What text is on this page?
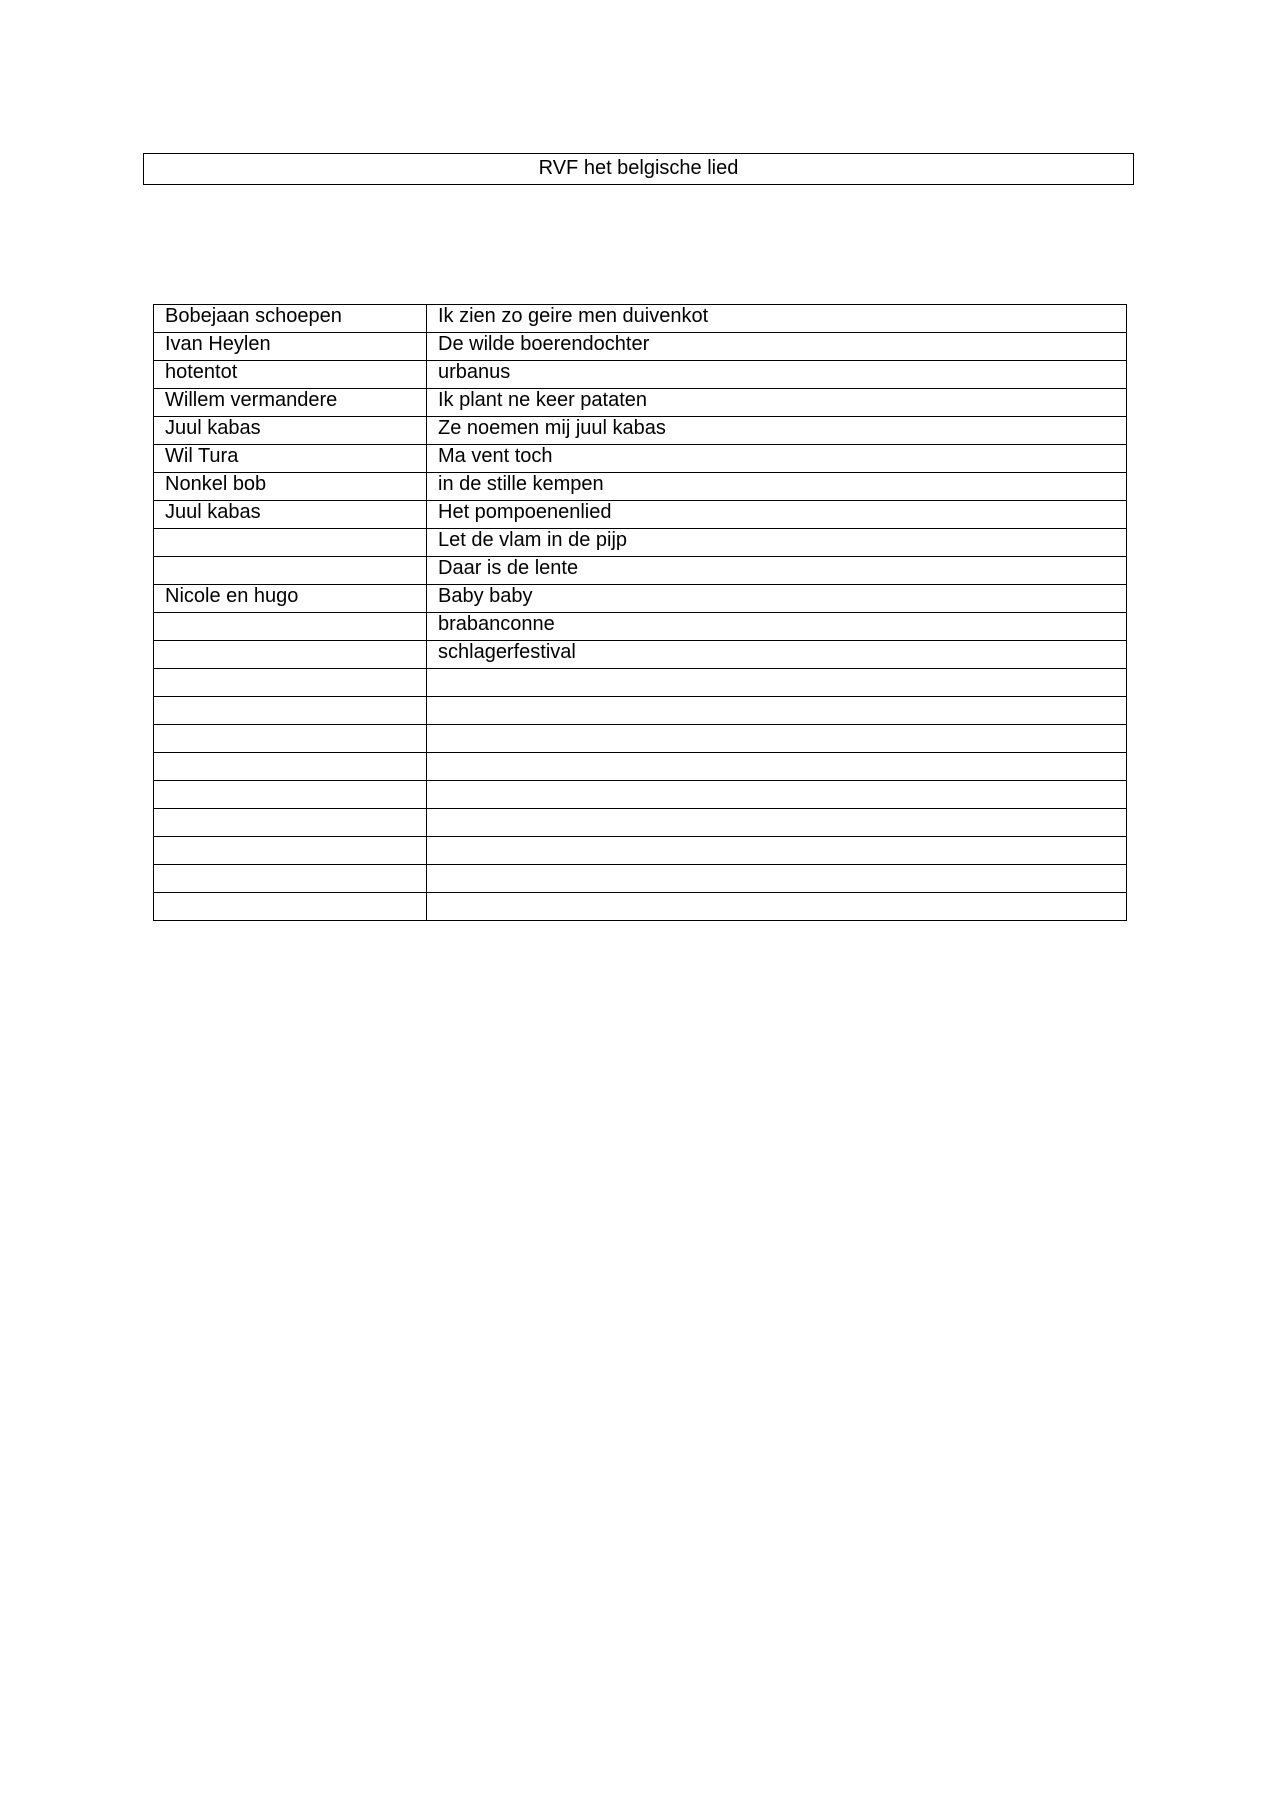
RVF het belgische lied
Bobejaan schoepen	Ik zien zo geire men duivenkot
Ivan Heylen	De wilde boerendochter
hotentot	urbanus
Willem vermandere	Ik plant ne keer pataten
Juul kabas	Ze noemen mij juul kabas
Wil Tura	Ma vent toch
Nonkel bob	in de stille kempen
Juul kabas	Het pompoenenlied
	Let de vlam in de pijp
	Daar is de lente
Nicole en hugo	Baby baby
	brabanconne
	schlagerfestival
